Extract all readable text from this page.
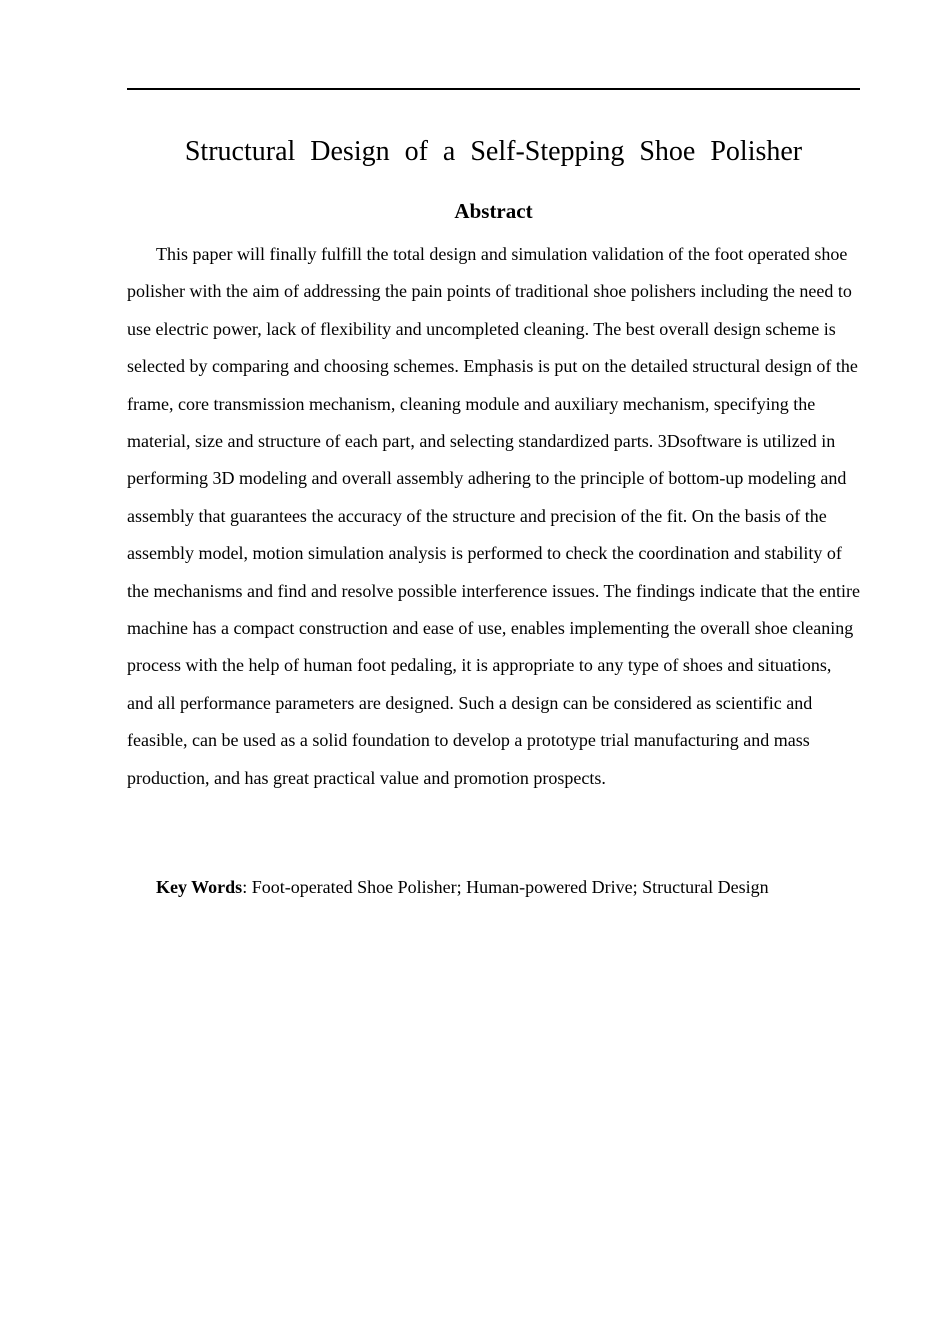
Structural Design of a Self-Stepping Shoe Polisher
Abstract

This paper will finally fulfill the total design and simulation validation of the foot operated shoe polisher with the aim of addressing the pain points of traditional shoe polishers including the need to use electric power, lack of flexibility and uncompleted cleaning. The best overall design scheme is selected by comparing and choosing schemes. Emphasis is put on the detailed structural design of the frame, core transmission mechanism, cleaning module and auxiliary mechanism, specifying the material, size and structure of each part, and selecting standardized parts. 3Dsoftware is utilized in performing 3D modeling and overall assembly adhering to the principle of bottom-up modeling and assembly that guarantees the accuracy of the structure and precision of the fit. On the basis of the assembly model, motion simulation analysis is performed to check the coordination and stability of the mechanisms and find and resolve possible interference issues. The findings indicate that the entire machine has a compact construction and ease of use, enables implementing the overall shoe cleaning process with the help of human foot pedaling, it is appropriate to any type of shoes and situations, and all performance parameters are designed. Such a design can be considered as scientific and feasible, can be used as a solid foundation to develop a prototype trial manufacturing and mass production, and has great practical value and promotion prospects.

Key Words: Foot-operated Shoe Polisher; Human-powered Drive; Structural Design
